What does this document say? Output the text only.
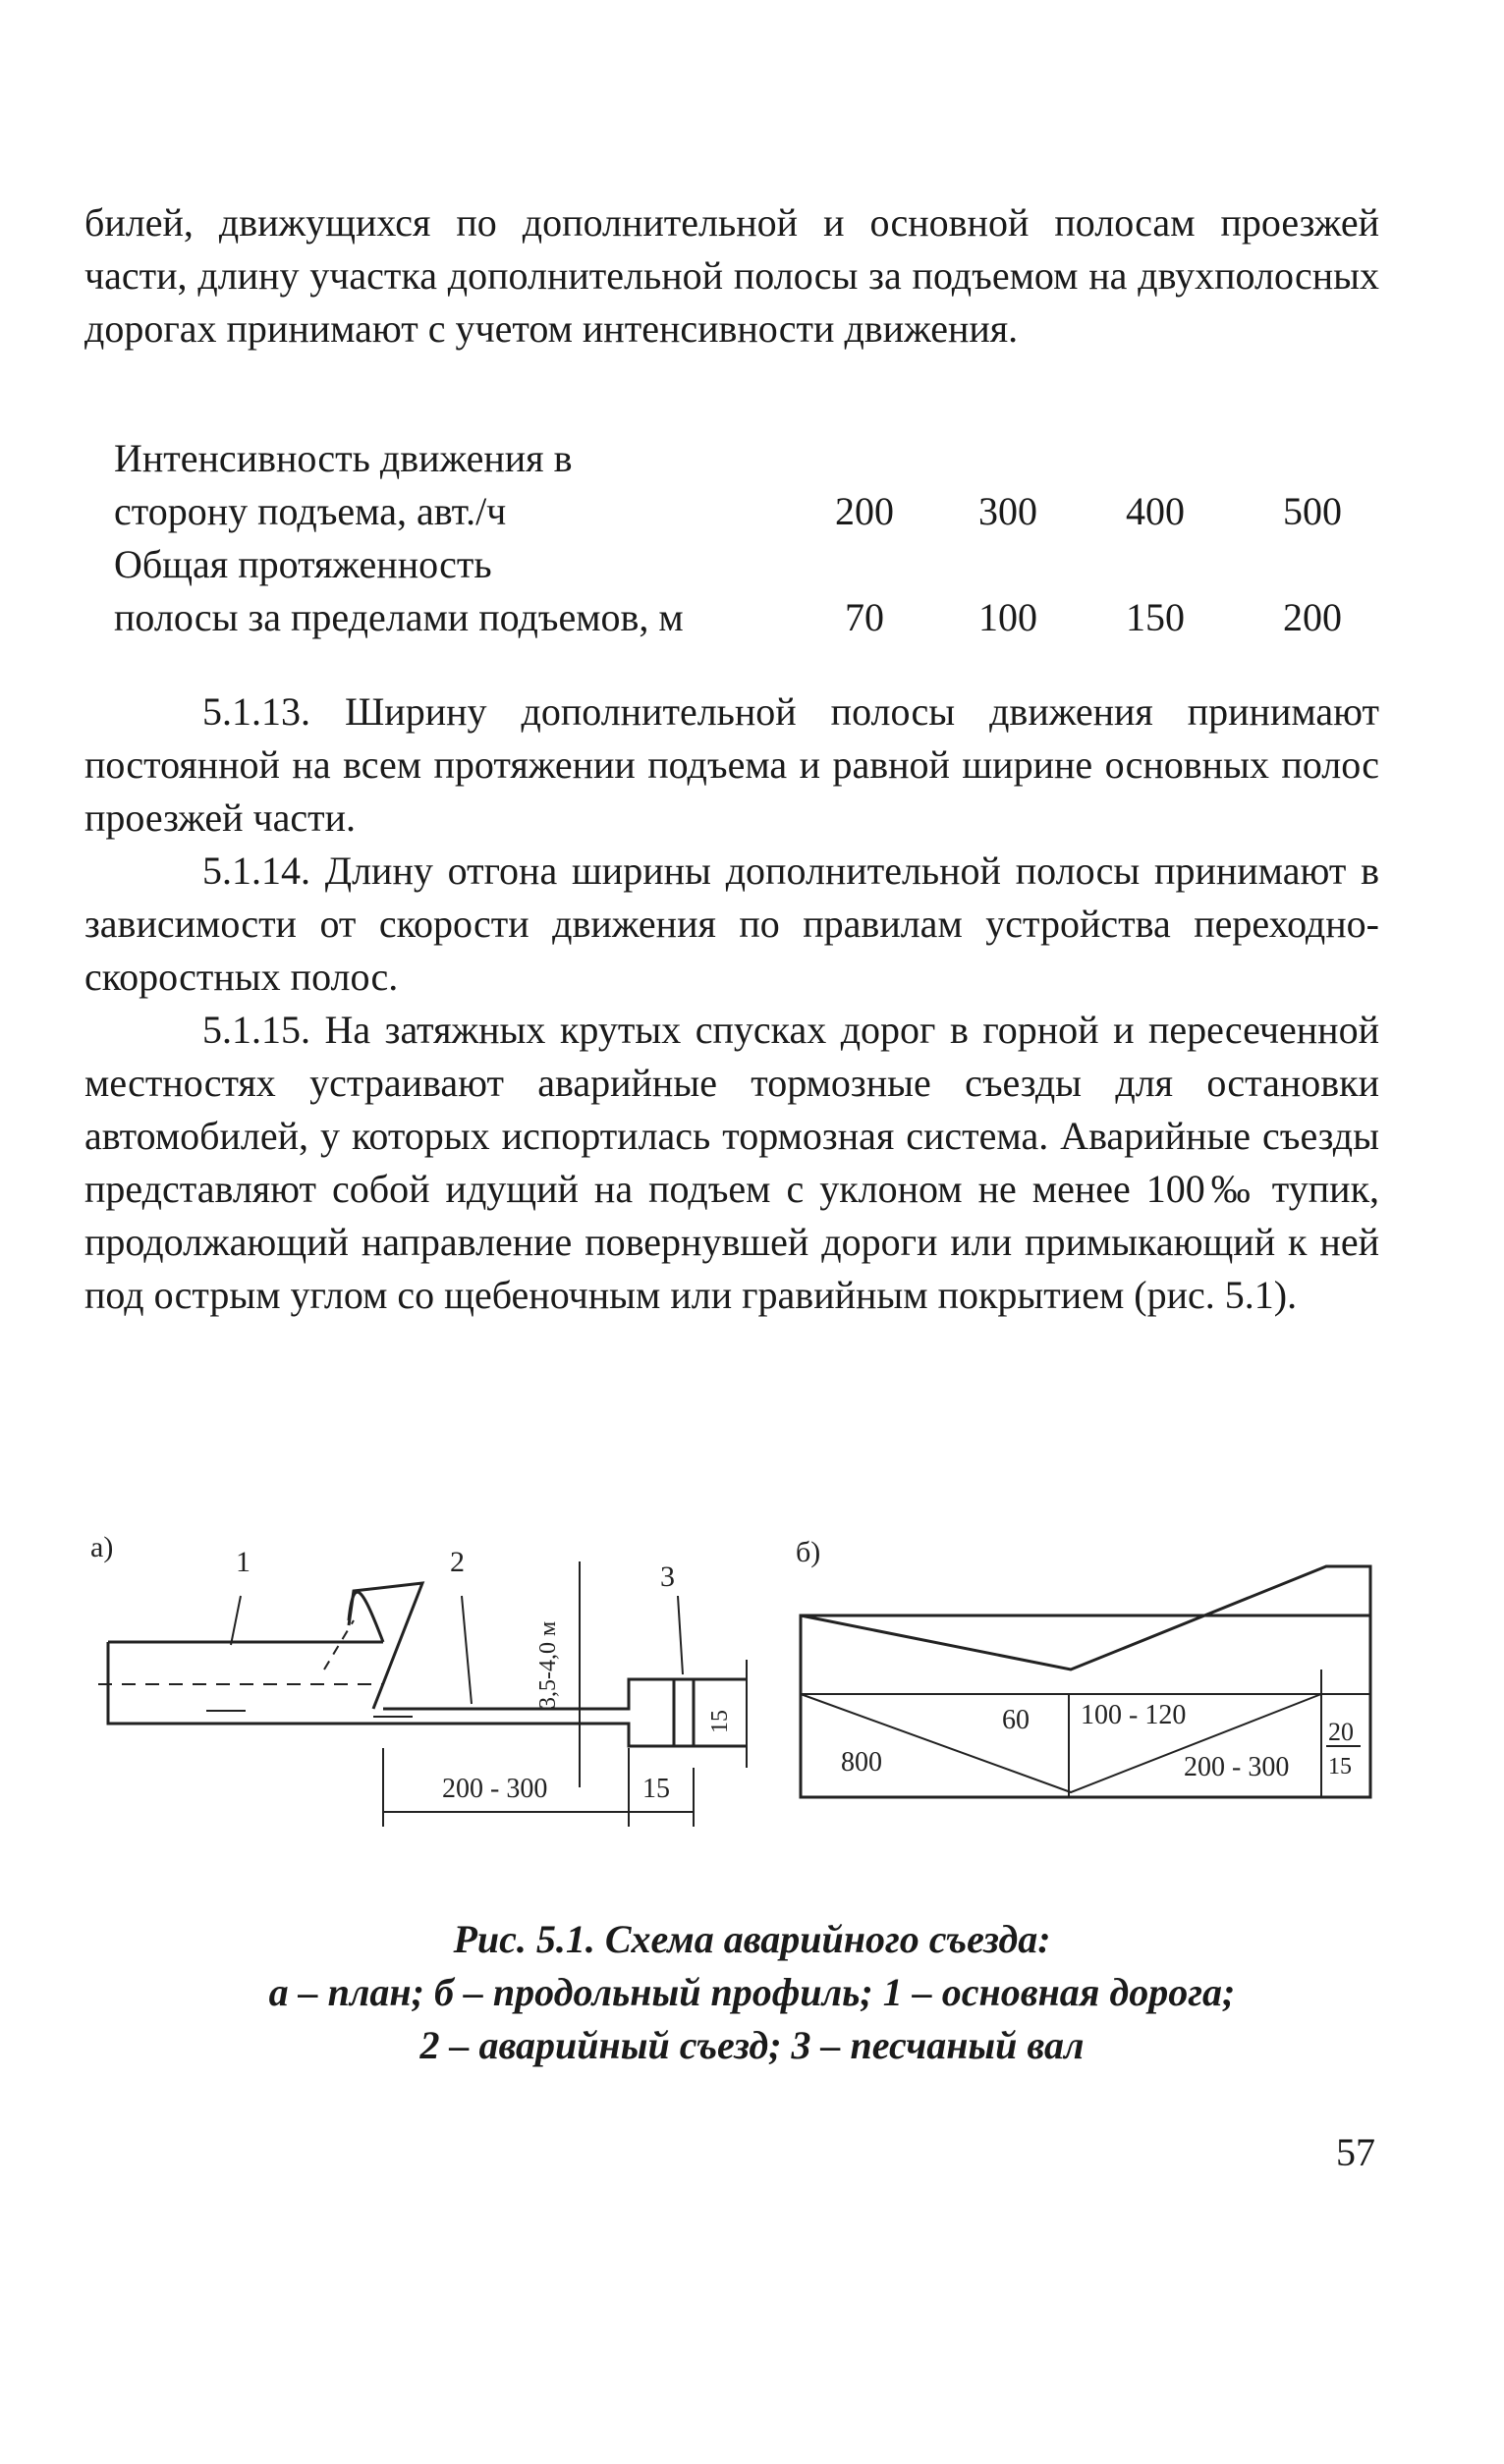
билей, движущихся по дополнительной и основной полосам проезжей части, длину участка дополнительной полосы за подъемом на двухполосных дорогах принимают с учетом интенсивности движения.

Интенсивность движения в
сторону подъема, авт./ч	200	300	400	500
Общая протяженность
полосы за пределами подъемов, м	70	100	150	200

5.1.13. Ширину дополнительной полосы движения принимают постоянной на всем протяжении подъема и равной ширине основных полос проезжей части.

5.1.14. Длину отгона ширины дополнительной полосы принимают в зависимости от скорости движения по правилам устройства переходно-скоростных полос.

5.1.15. На затяжных крутых спусках дорог в горной и пересеченной местностях устраивают аварийные тормозные съезды для остановки автомобилей, у которых испортилась тормозная система. Аварийные съезды представляют собой идущий на подъем с уклоном не менее 100‰ тупик, продолжающий направление повернувшей дороги или примыкающий к ней под острым углом со щебеночным или гравийным покрытием (рис. 5.1).

а)	1	2	3
3,5-4,0 м
15
200 - 300	15
б)
800
60 100 - 120
200 - 300
20
15
Рис. 5.1. Схема аварийного съезда:
а – план; б – продольный профиль; 1 – основная дорога;
2 – аварийный съезд; 3 – песчаный вал
57
